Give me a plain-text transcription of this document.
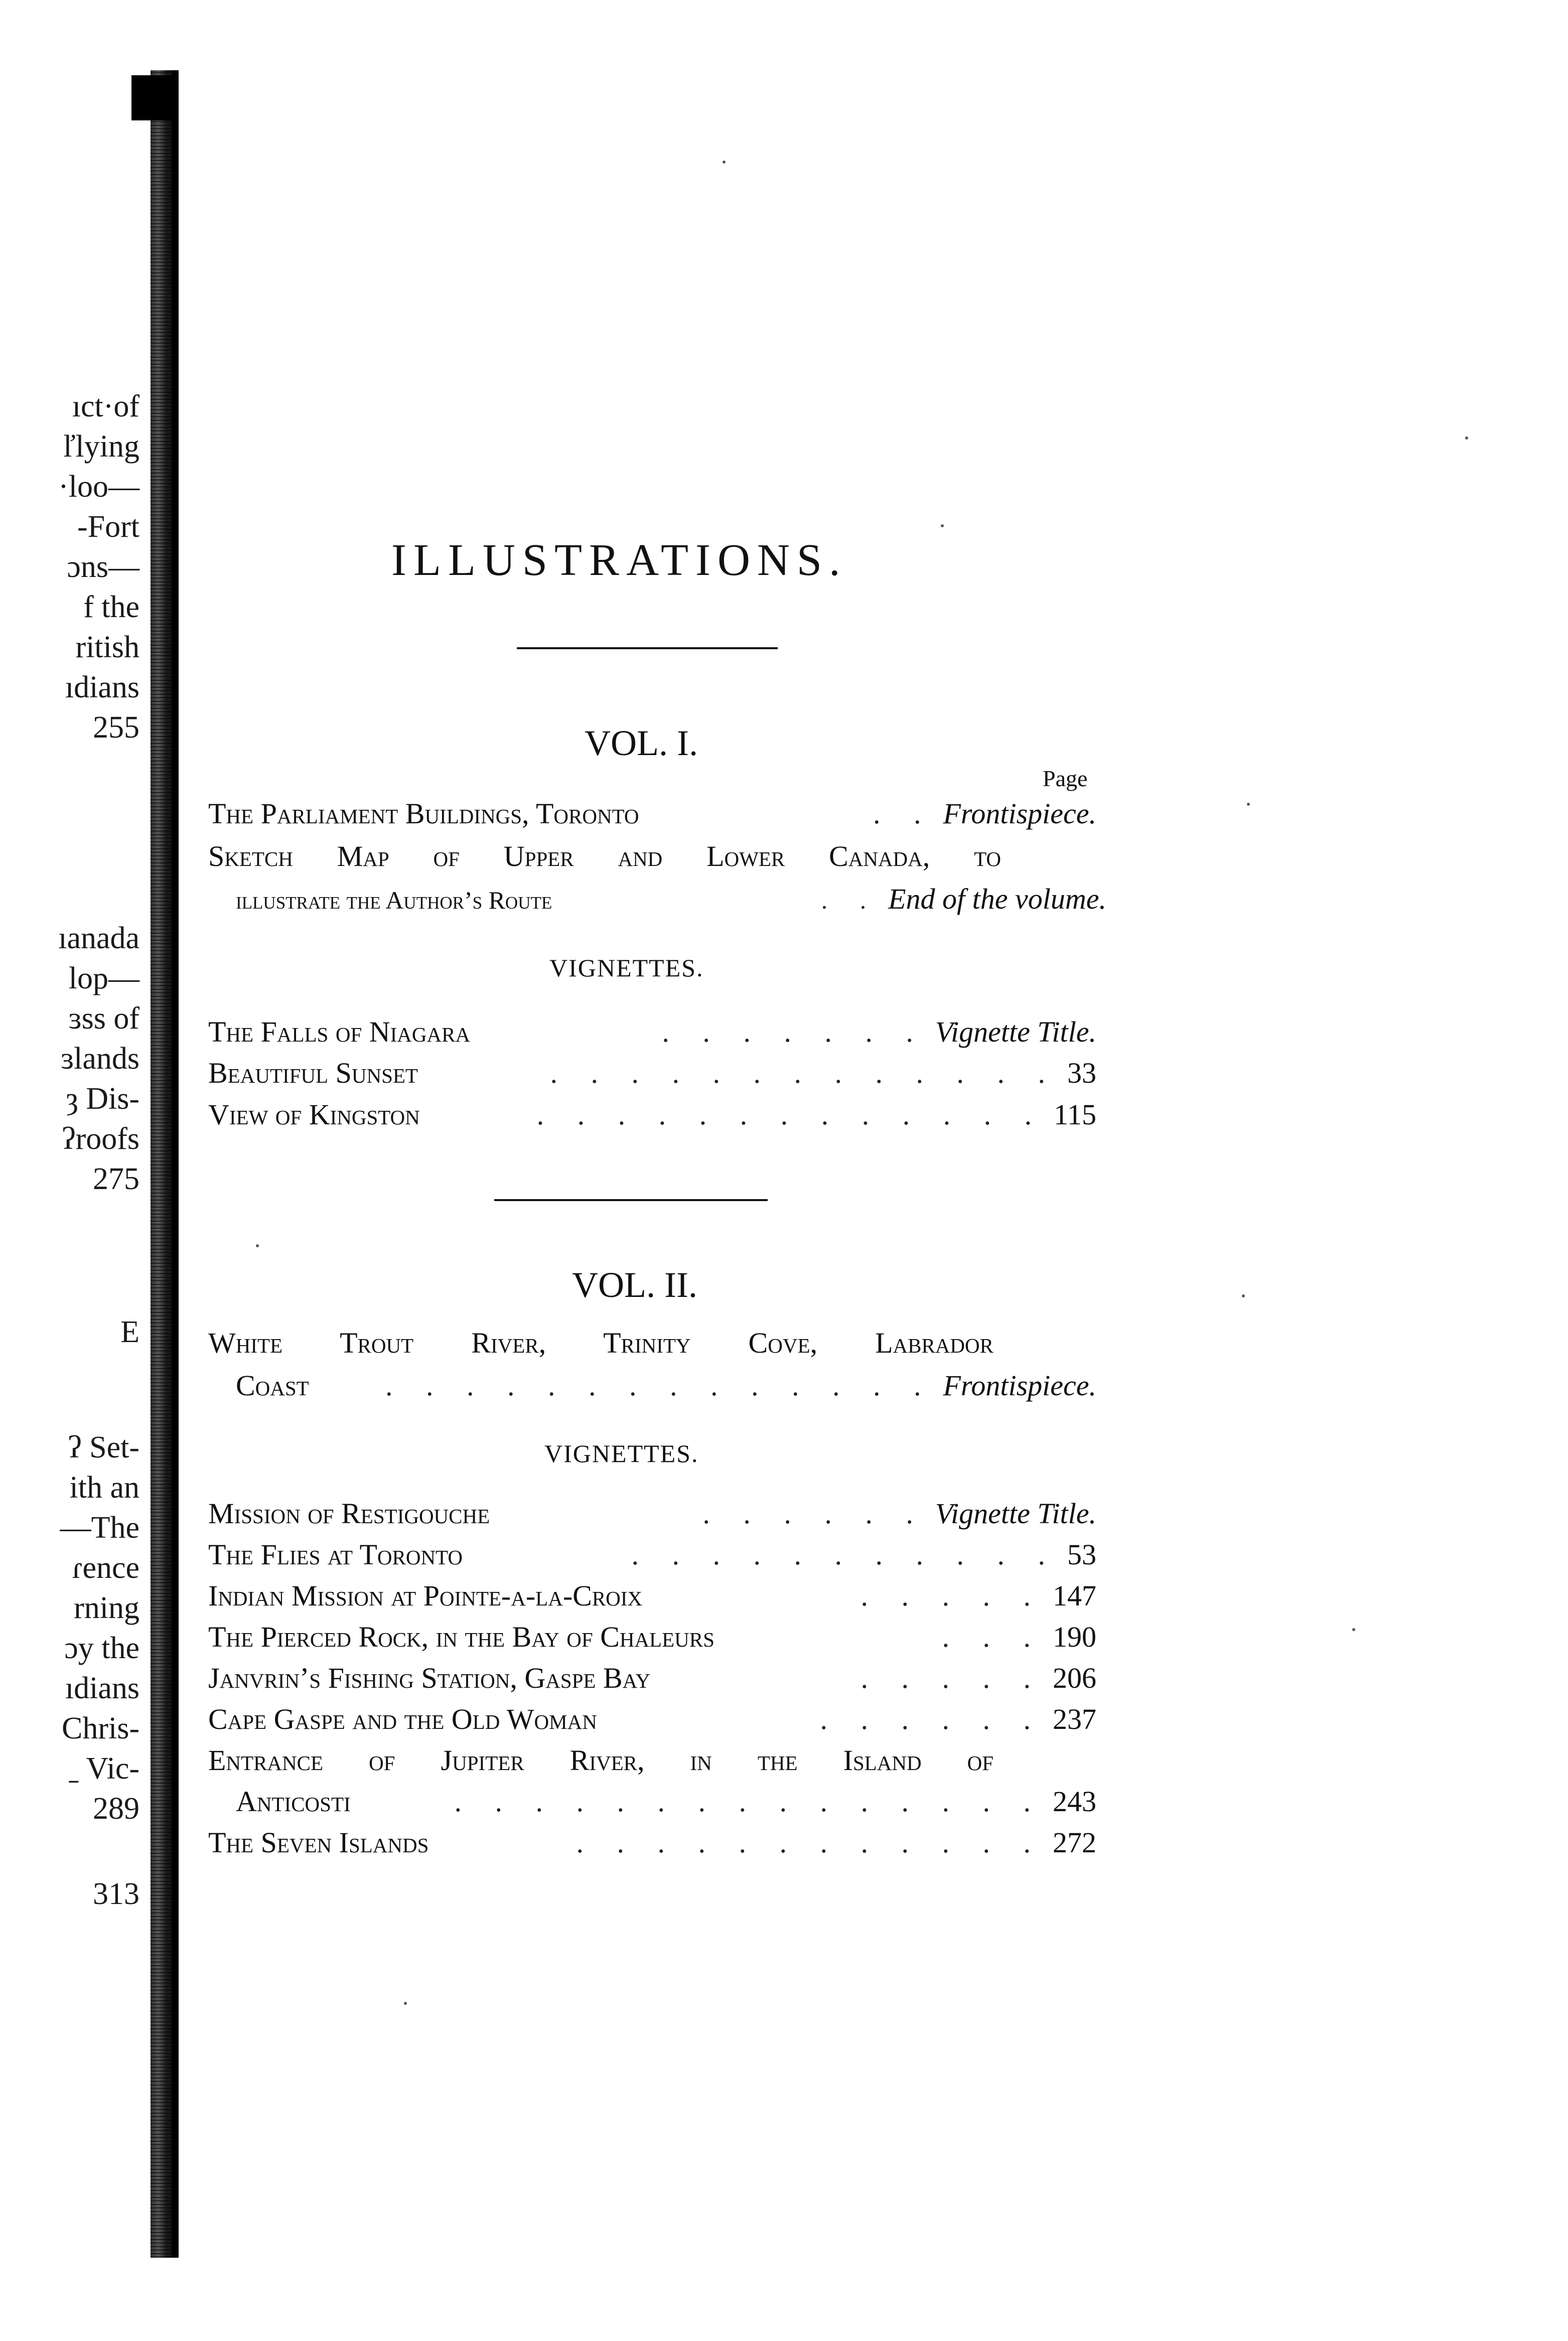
ıct·of
ľlying
·loo—
-Fort
ɔns—
f the
ritish
ıdians
255
ıanada
lop—
ɜss of
ɜlands
ȝ Dis-
ʔroofs
275
E
ʔ Set-
ith an
—The
ɾence
rning
ɔy the
ıdians
Chris-
ˍ Vic-
289
313
ILLUSTRATIONS.
VOL. I.
Page
The Parliament Buildings, Toronto	. . Frontispiece.
Sketch Map of Upper and Lower Canada, to
illustrate the Author’s Route	. . End of the volume.
VIGNETTES.
The Falls of Niagara	. . . . . . . Vignette Title.
Beautiful Sunset	. . . . . . . . . . . . . 33
View of Kingston	. . . . . . . . . . . . . 115
VOL. II.
White Trout River, Trinity Cove, Labrador
Coast	. . . . . . . . . . . . . . Frontispiece.
VIGNETTES.
Mission of Restigouche	. . . . . . Vignette Title.
The Flies at Toronto	. . . . . . . . . . . 53
Indian Mission at Pointe-a-la-Croix	. . . . . 147
The Pierced Rock, in the Bay of Chaleurs	. . . 190
Janvrin’s Fishing Station, Gaspe Bay	. . . . . 206
Cape Gaspe and the Old Woman	. . . . . . 237
Entrance of Jupiter River, in the Island of
Anticosti	. . . . . . . . . . . . . . . 243
The Seven Islands	. . . . . . . . . . . . 272
